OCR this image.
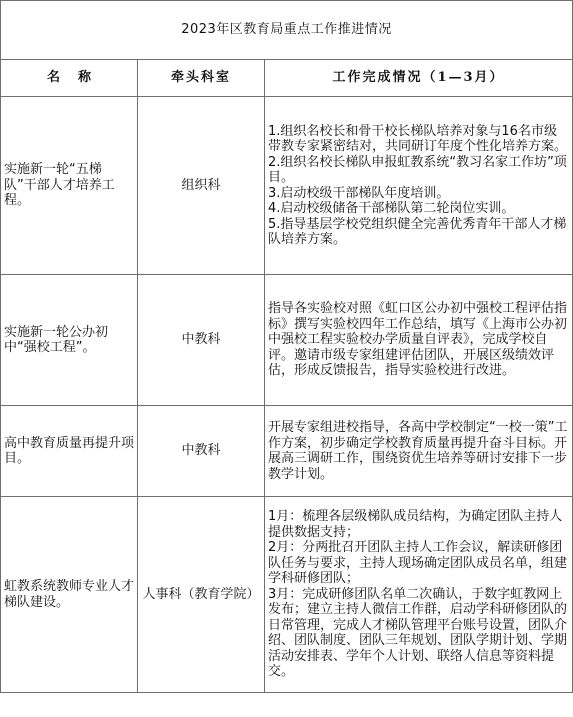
2023年区教育局重点工作推进情况		
名称	牵头科室	工作完成情况（1—3月）
实施新一轮“五梯队”干部人才培养工程。	组织科	1.组织名校长和骨干校长梯队培养对象与16名市级带教专家紧密结对，共同研订年度个性化培养方案。
2.组织名校长梯队申报虹教系统“教习名家工作坊”项目。
3.启动校级干部梯队年度培训。
4.启动校级储备干部梯队第二轮岗位实训。
5.指导基层学校党组织健全完善优秀青年干部人才梯队培养方案。

实施新一轮公办初中“强校工程”。	中教科	指导各实验校对照《虹口区公办初中强校工程评估指标》撰写实验校四年工作总结，填写《上海市公办初中强校工程实验校办学质量自评表》，完成学校自评。邀请市级专家组建评估团队，开展区级绩效评估，形成反馈报告，指导实验校进行改进。

高中教育质量再提升项目。	中教科	开展专家组进校指导，各高中学校制定“一校一策”工作方案，初步确定学校教育质量再提升奋斗目标。开展高三调研工作，围绕资优生培养等研讨安排下一步教学计划。

虹教系统教师专业人才梯队建设。	人事科（教育学院）	1月：梳理各层级梯队成员结构，为确定团队主持人提供数据支持；
2月：分两批召开团队主持人工作会议，解读研修团队任务与要求，主持人现场确定团队成员名单，组建学科研修团队；
3月：完成研修团队名单二次确认，于数字虹教网上发布；建立主持人微信工作群，启动学科研修团队的日常管理，完成人才梯队管理平台账号设置，团队介绍、团队制度、团队三年规划、团队学期计划、学期活动安排表、学年个人计划、联络人信息等资料提交。
